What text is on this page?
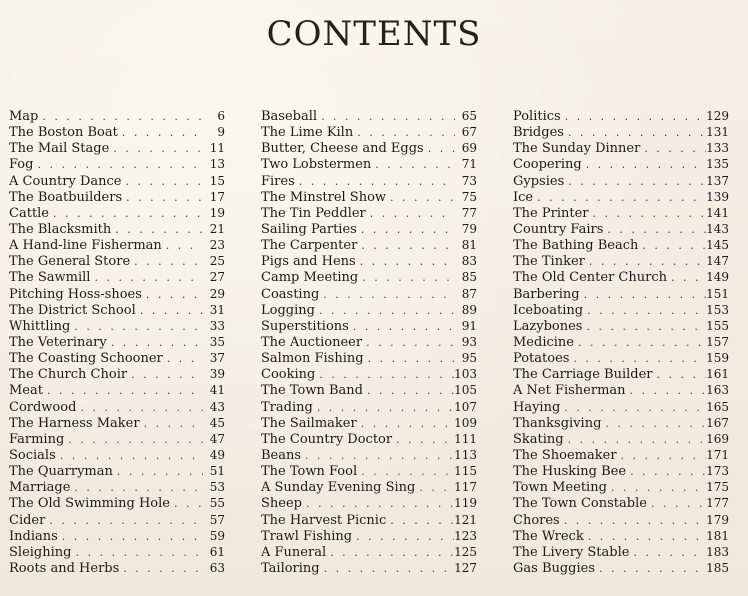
CONTENTS
Map . . .	6
The Boston Boat . . .	9
The Mail Stage . . .	11
Fog . . .	13
A Country Dance . . .	15
The Boatbuilders . . .	17
Cattle . . .	19
The Blacksmith . . .	21
A Hand-line Fisherman . . .	23
The General Store . . .	25
The Sawmill . . .	27
Pitching Hoss-shoes . . .	29
The District School . . .	31
Whittling . . .	33
The Veterinary . . .	35
The Coasting Schooner . . .	37
The Church Choir . . .	39
Meat . . .	41
Cordwood . . .	43
The Harness Maker . . .	45
Farming . . .	47
Socials . . .	49
The Quarryman . . .	51
Marriage . . .	53
The Old Swimming Hole . . .	55
Cider . . .	57
Indians . . .	59
Sleighing . . .	61
Roots and Herbs . . .	63
Baseball . . .	65
The Lime Kiln . . .	67
Butter, Cheese and Eggs . . .	69
Two Lobstermen . . .	71
Fires . . .	73
The Minstrel Show . . .	75
The Tin Peddler . . .	77
Sailing Parties . . .	79
The Carpenter . . .	81
Pigs and Hens . . .	83
Camp Meeting . . .	85
Coasting . . .	87
Logging . . .	89
Superstitions . . .	91
The Auctioneer . . .	93
Salmon Fishing . . .	95
Cooking . . .	103
The Town Band . . .	105
Trading . . .	107
The Sailmaker . . .	109
The Country Doctor . . .	111
Beans . . .	113
The Town Fool . . .	115
A Sunday Evening Sing . . .	117
Sheep . . .	119
The Harvest Picnic . . .	121
Trawl Fishing . . .	123
A Funeral . . .	125
Tailoring . . .	127
Politics . . .	129
Bridges . . .	131
The Sunday Dinner . . .	133
Coopering . . .	135
Gypsies . . .	137
Ice . . .	139
The Printer . . .	141
Country Fairs . . .	143
The Bathing Beach . . .	145
The Tinker . . .	147
The Old Center Church . . .	149
Barbering . . .	151
Iceboating . . .	153
Lazybones . . .	155
Medicine . . .	157
Potatoes . . .	159
The Carriage Builder . . .	161
A Net Fisherman . . .	163
Haying . . .	165
Thanksgiving . . .	167
Skating . . .	169
The Shoemaker . . .	171
The Husking Bee . . .	173
Town Meeting . . .	175
The Town Constable . . .	177
Chores . . .	179
The Wreck . . .	181
The Livery Stable . . .	183
Gas Buggies . . .	185
